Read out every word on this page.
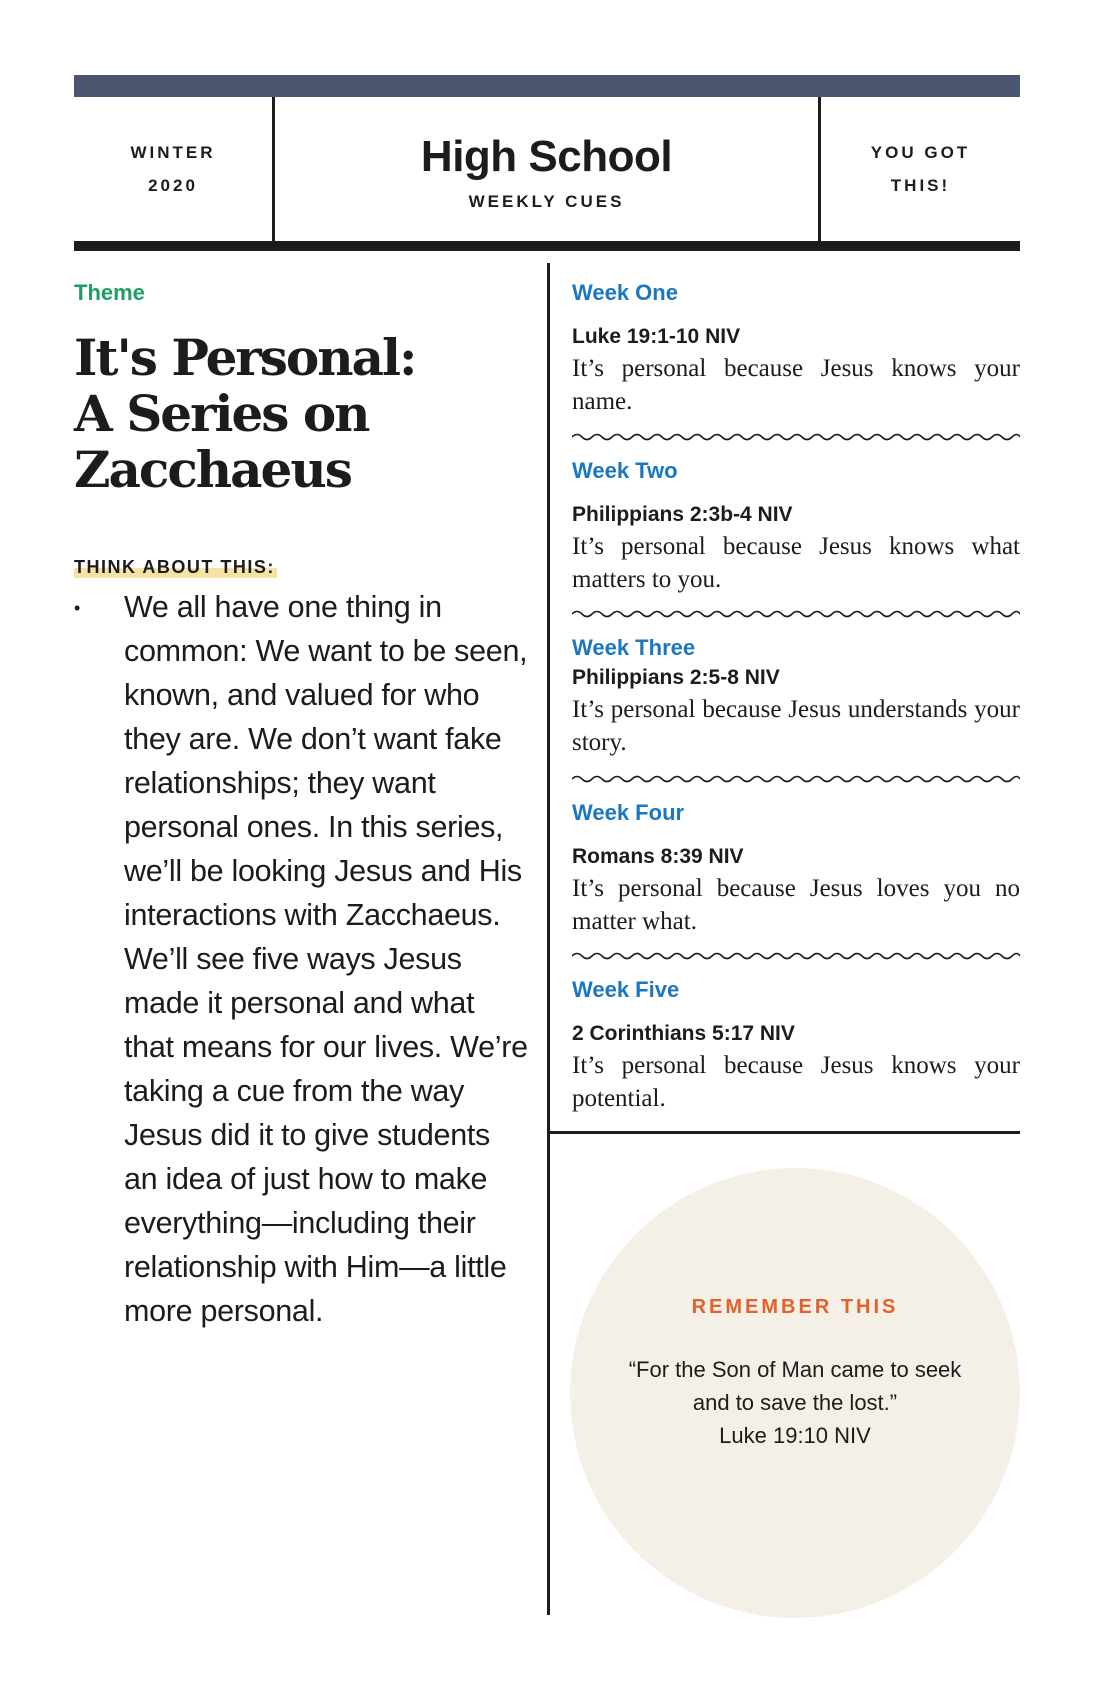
WINTER
2020
High School
WEEKLY CUES
YOU GOT
THIS!
Theme
It's Personal:
A Series on
Zacchaeus
THINK ABOUT THIS:
• We all have one thing in common: We want to be seen, known, and valued for who they are. We don’t want fake relationships; they want personal ones. In this series, we’ll be looking Jesus and His interactions with Zacchaeus. We’ll see five ways Jesus made it personal and what that means for our lives. We’re taking a cue from the way Jesus did it to give students an idea of just how to make everything—including their relationship with Him—a little more personal.
Week One
Luke 19:1-10 NIV
It’s personal because Jesus knows your name.
Week Two
Philippians 2:3b-4 NIV
It’s personal because Jesus knows what matters to you.
Week Three
Philippians 2:5-8 NIV
It’s personal because Jesus understands your story.
Week Four
Romans 8:39 NIV
It’s personal because Jesus loves you no matter what.
Week Five
2 Corinthians 5:17 NIV
It’s personal because Jesus knows your potential.
REMEMBER THIS
“For the Son of Man came to seek and to save the lost.”
Luke 19:10 NIV
